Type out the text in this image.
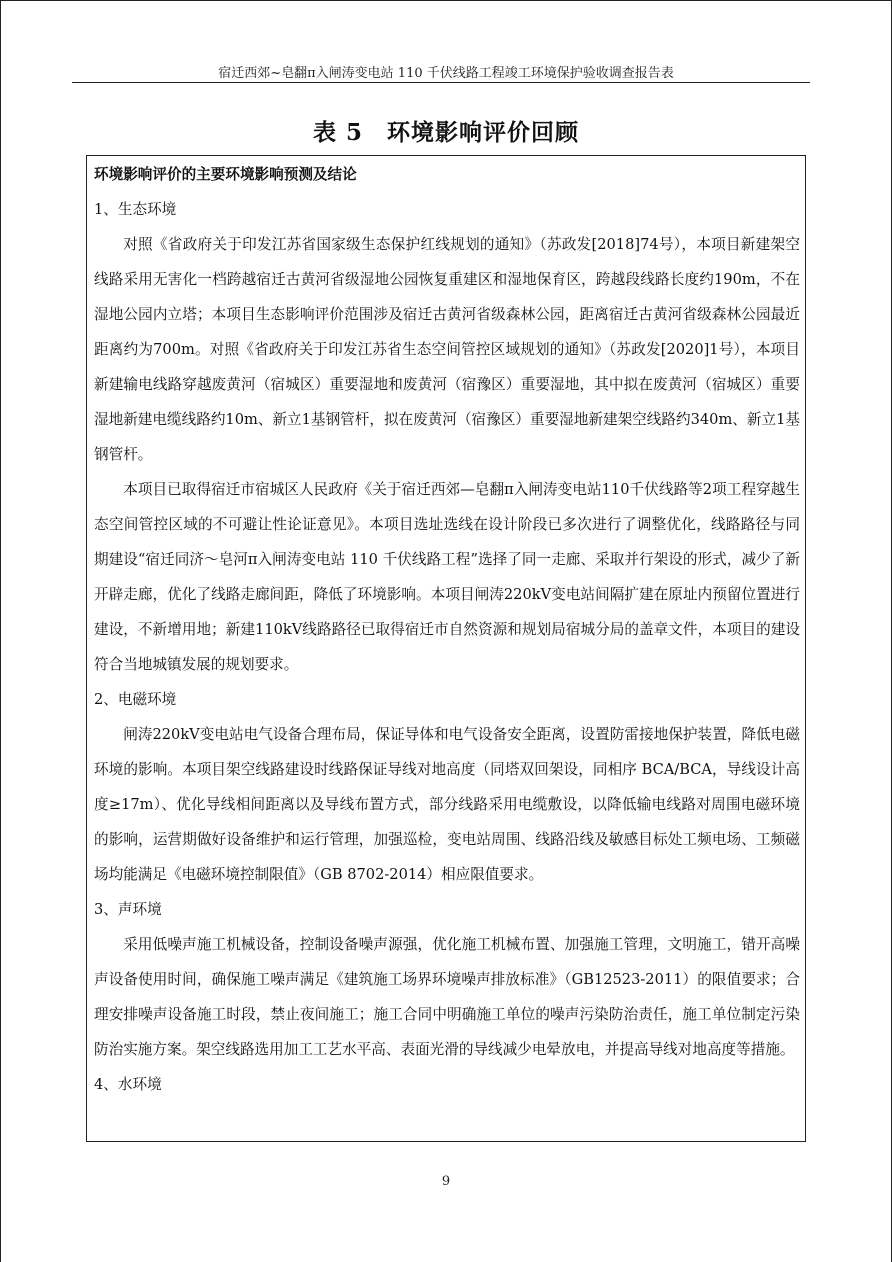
宿迁西郊~皂翻π入闸涛变电站 110 千伏线路工程竣工环境保护验收调查报告表
表 5　环境影响评价回顾

环境影响评价的主要环境影响预测及结论

1、生态环境

对照《省政府关于印发江苏省国家级生态保护红线规划的通知》（苏政发[2018]74号），本项目新建架空线路采用无害化一档跨越宿迁古黄河省级湿地公园恢复重建区和湿地保育区，跨越段线路长度约190m，不在湿地公园内立塔；本项目生态影响评价范围涉及宿迁古黄河省级森林公园，距离宿迁古黄河省级森林公园最近距离约为700m。对照《省政府关于印发江苏省生态空间管控区域规划的通知》（苏政发[2020]1号），本项目新建输电线路穿越废黄河（宿城区）重要湿地和废黄河（宿豫区）重要湿地，其中拟在废黄河（宿城区）重要湿地新建电缆线路约10m、新立1基钢管杆，拟在废黄河（宿豫区）重要湿地新建架空线路约340m、新立1基钢管杆。

本项目已取得宿迁市宿城区人民政府《关于宿迁西郊—皂翻π入闸涛变电站110千伏线路等2项工程穿越生态空间管控区域的不可避让性论证意见》。本项目选址选线在设计阶段已多次进行了调整优化，线路路径与同期建设“宿迁同济～皂河π入闸涛变电站 110 千伏线路工程”选择了同一走廊、采取并行架设的形式，减少了新开辟走廊，优化了线路走廊间距，降低了环境影响。本项目闸涛220kV变电站间隔扩建在原址内预留位置进行建设，不新增用地；新建110kV线路路径已取得宿迁市自然资源和规划局宿城分局的盖章文件，本项目的建设符合当地城镇发展的规划要求。

2、电磁环境

闸涛220kV变电站电气设备合理布局，保证导体和电气设备安全距离，设置防雷接地保护装置，降低电磁环境的影响。本项目架空线路建设时线路保证导线对地高度（同塔双回架设，同相序 BCA/BCA，导线设计高度≥17m）、优化导线相间距离以及导线布置方式，部分线路采用电缆敷设，以降低输电线路对周围电磁环境的影响，运营期做好设备维护和运行管理，加强巡检，变电站周围、线路沿线及敏感目标处工频电场、工频磁场均能满足《电磁环境控制限值》（GB 8702-2014）相应限值要求。

3、声环境

采用低噪声施工机械设备，控制设备噪声源强，优化施工机械布置、加强施工管理，文明施工，错开高噪声设备使用时间，确保施工噪声满足《建筑施工场界环境噪声排放标准》（GB12523-2011）的限值要求；合理安排噪声设备施工时段，禁止夜间施工；施工合同中明确施工单位的噪声污染防治责任，施工单位制定污染防治实施方案。架空线路选用加工工艺水平高、表面光滑的导线减少电晕放电，并提高导线对地高度等措施。

4、水环境

9
